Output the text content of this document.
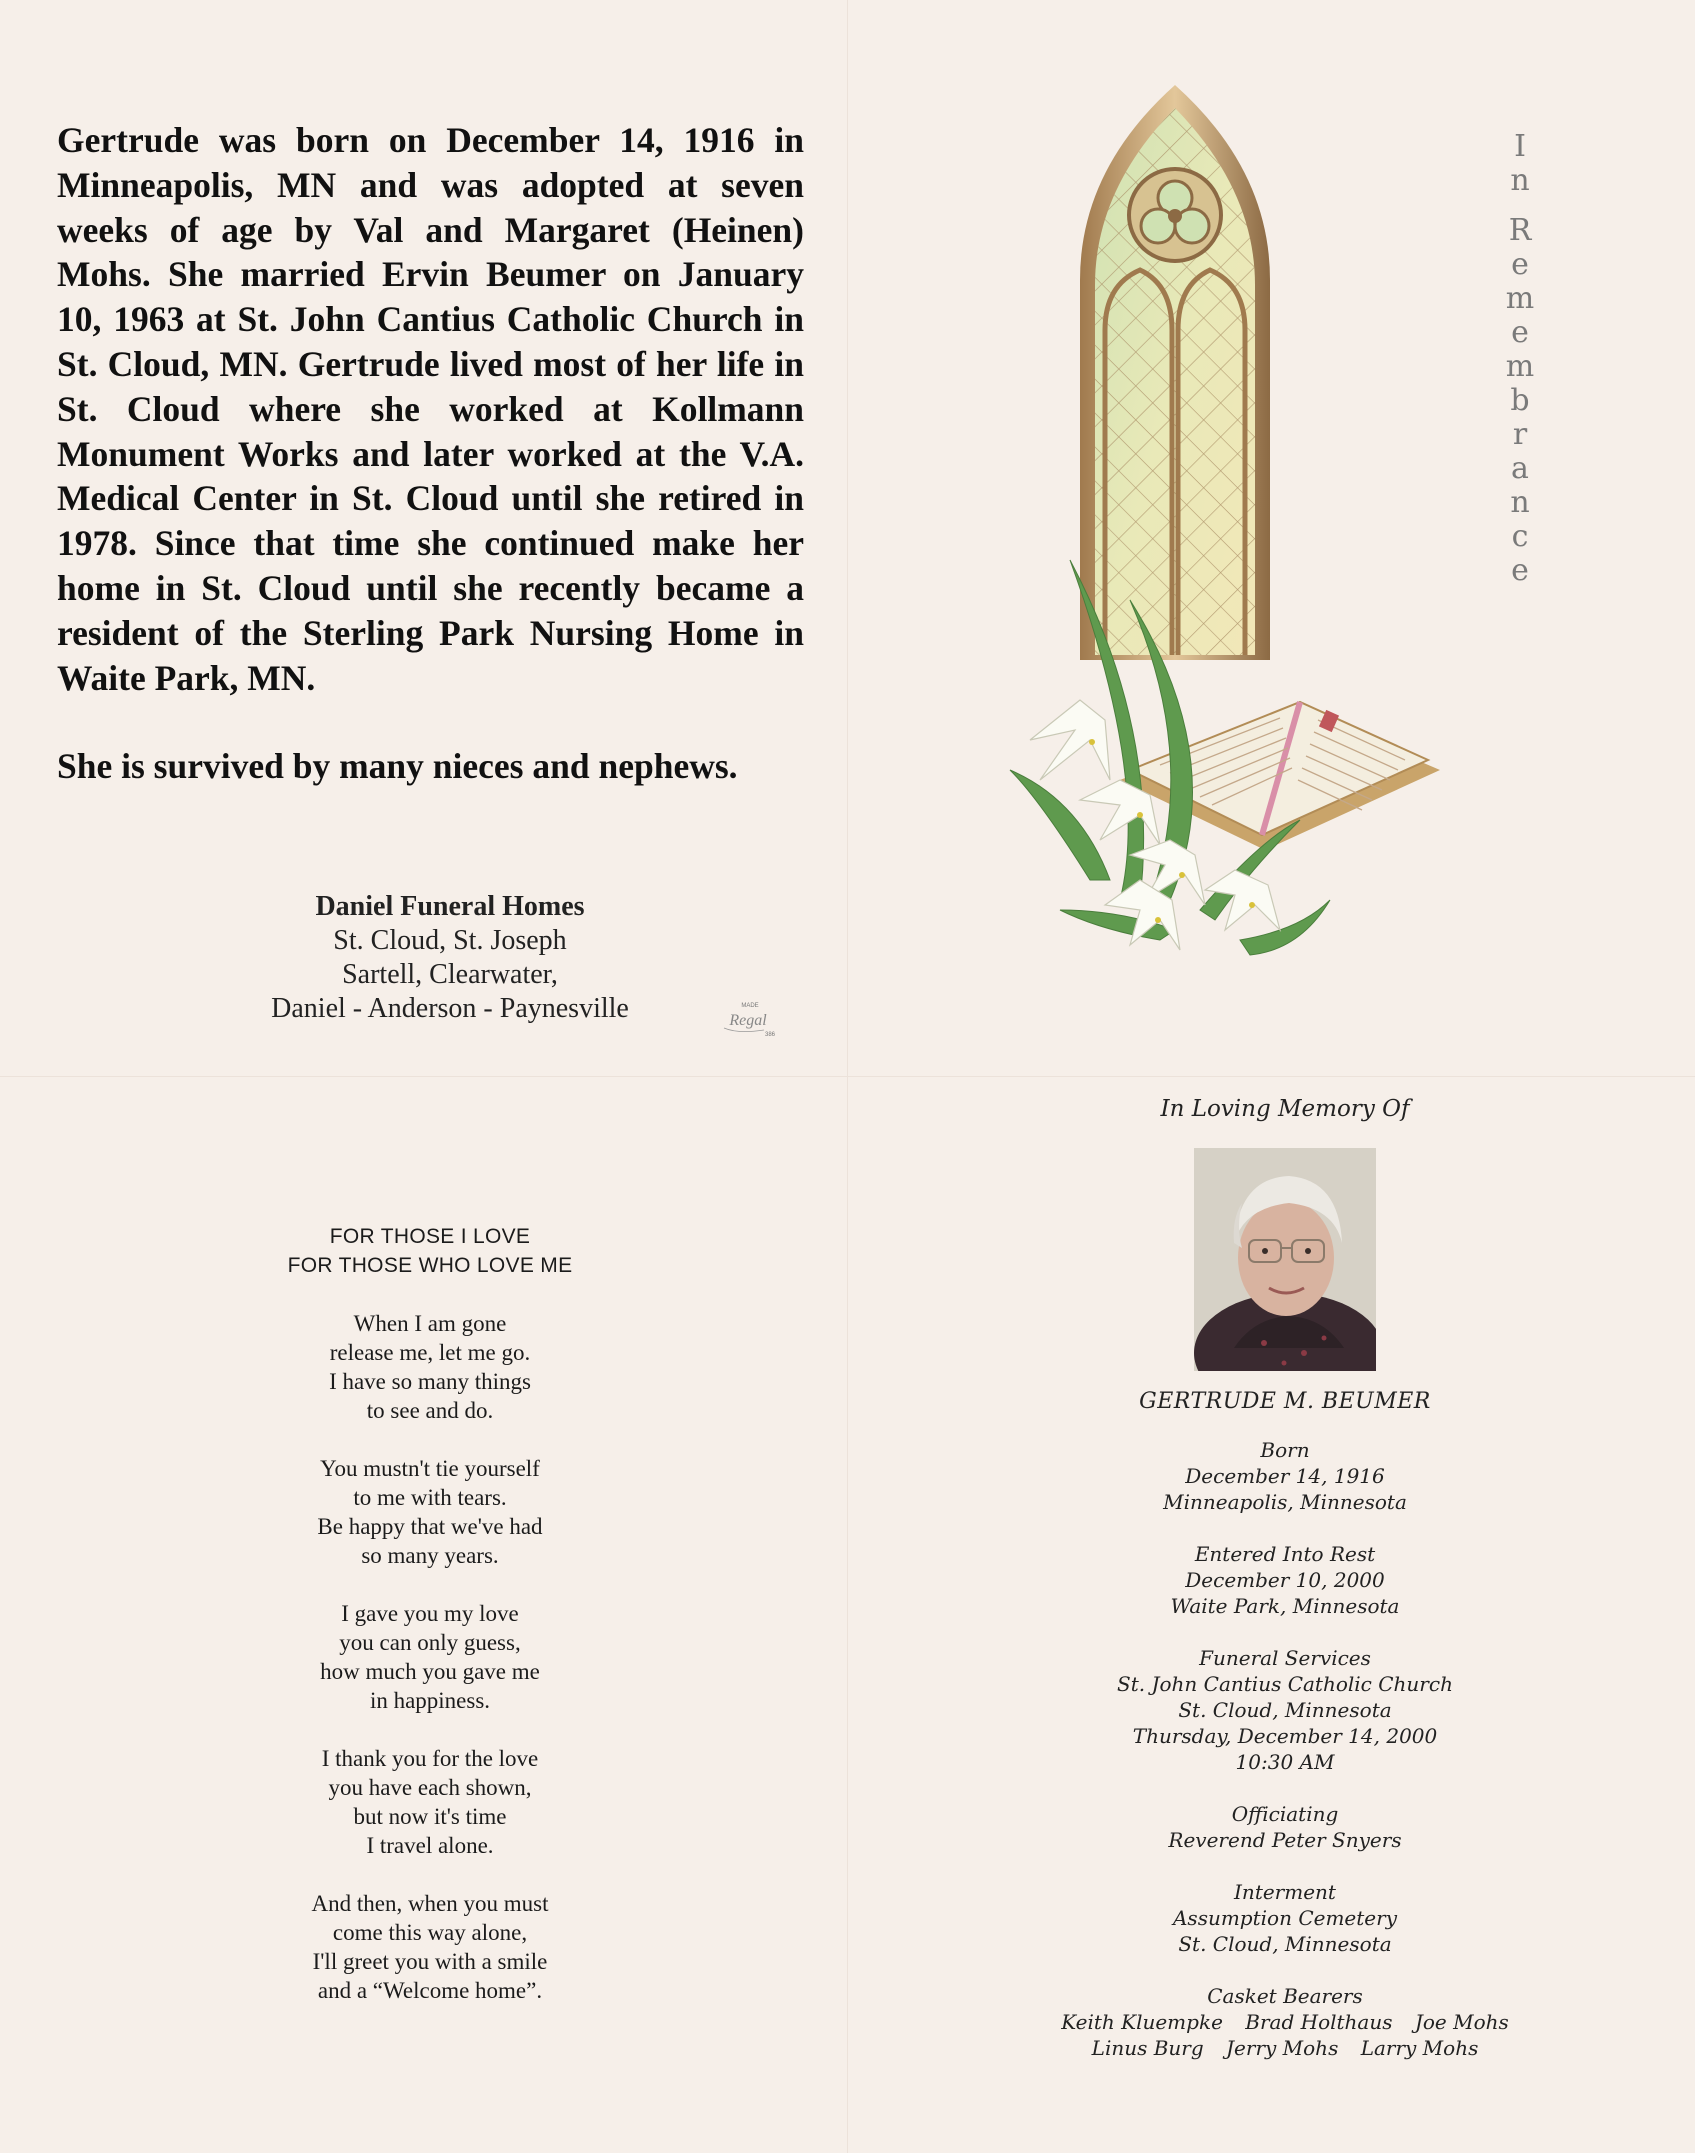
Gertrude was born on December 14, 1916 in Minneapolis, MN and was adopted at seven weeks of age by Val and Margaret (Heinen) Mohs. She married Ervin Beumer on January 10, 1963 at St. John Cantius Catholic Church in St. Cloud, MN. Gertrude lived most of her life in St. Cloud where she worked at Kollmann Monument Works and later worked at the V.A. Medical Center in St. Cloud until she retired in 1978. Since that time she continued make her home in St. Cloud until she recently became a resident of the Sterling Park Nursing Home in Waite Park, MN.

She is survived by many nieces and nephews.

Daniel Funeral Homes
St. Cloud, St. Joseph
Sartell, Clearwater,
Daniel - Anderson - Paynesville	MADE
Regal
386
I
n
R
e
m
e
m
b
r
a
n
c
e
FOR THOSE I LOVE
FOR THOSE WHO LOVE ME
When I am gone
release me, let me go.
I have so many things
to see and do.
You mustn't tie yourself
to me with tears.
Be happy that we've had
so many years.
I gave you my love
you can only guess,
how much you gave me
in happiness.
I thank you for the love
you have each shown,
but now it's time
I travel alone.
And then, when you must
come this way alone,
I'll greet you with a smile
and a “Welcome home”.
In Loving Memory Of
GERTRUDE M. BEUMER
Born
December 14, 1916
Minneapolis, Minnesota
Entered Into Rest
December 10, 2000
Waite Park, Minnesota
Funeral Services
St. John Cantius Catholic Church
St. Cloud, Minnesota
Thursday, December 14, 2000
10:30 AM
Officiating
Reverend Peter Snyers
Interment
Assumption Cemetery
St. Cloud, Minnesota
Casket Bearers
Keith Kluempke Brad Holthaus Joe Mohs
Linus Burg Jerry Mohs Larry Mohs
